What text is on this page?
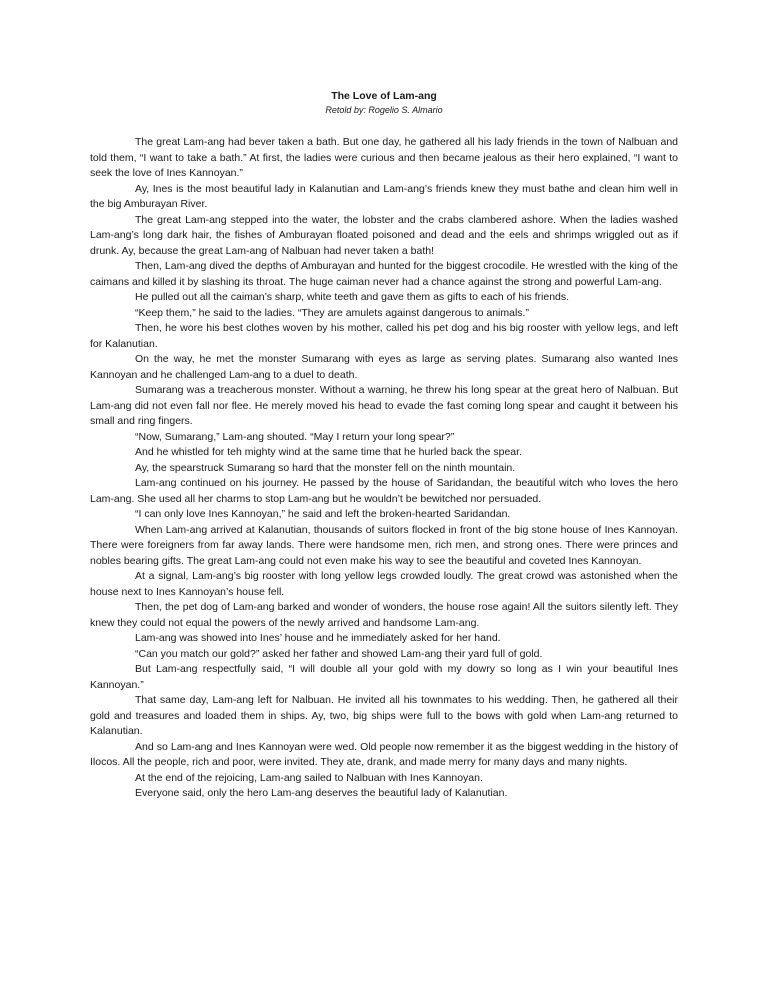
The Love of Lam-ang
Retold by: Rogelio S. Almario

The great Lam-ang had bever taken a bath. But one day, he gathered all his lady friends in the town of Nalbuan and told them, “I want to take a bath.” At first, the ladies were curious and then became jealous as their hero explained, “I want to seek the love of Ines Kannoyan.”

Ay, Ines is the most beautiful lady in Kalanutian and Lam-ang’s friends knew they must bathe and clean him well in the big Amburayan River.

The great Lam-ang stepped into the water, the lobster and the crabs clambered ashore. When the ladies washed Lam-ang’s long dark hair, the fishes of Amburayan floated poisoned and dead and the eels and shrimps wriggled out as if drunk. Ay, because the great Lam-ang of Nalbuan had never taken a bath!

Then, Lam-ang dived the depths of Amburayan and hunted for the biggest crocodile. He wrestled with the king of the caimans and killed it by slashing its throat. The huge caiman never had a chance against the strong and powerful Lam-ang.

He pulled out all the caiman’s sharp, white teeth and gave them as gifts to each of his friends.

“Keep them,” he said to the ladies. “They are amulets against dangerous to animals.”

Then, he wore his best clothes woven by his mother, called his pet dog and his big rooster with yellow legs, and left for Kalanutian.

On the way, he met the monster Sumarang with eyes as large as serving plates. Sumarang also wanted Ines Kannoyan and he challenged Lam-ang to a duel to death.

Sumarang was a treacherous monster. Without a warning, he threw his long spear at the great hero of Nalbuan. But Lam-ang did not even fall nor flee. He merely moved his head to evade the fast coming long spear and caught it between his small and ring fingers.

“Now, Sumarang,” Lam-ang shouted. “May I return your long spear?”

And he whistled for teh mighty wind at the same time that he hurled back the spear.

Ay, the spearstruck Sumarang so hard that the monster fell on the ninth mountain.

Lam-ang continued on his journey. He passed by the house of Saridandan, the beautiful witch who loves the hero Lam-ang. She used all her charms to stop Lam-ang but he wouldn’t be bewitched nor persuaded.

“I can only love Ines Kannoyan,” he said and left the broken-hearted Saridandan.

When Lam-ang arrived at Kalanutian, thousands of suitors flocked in front of the big stone house of Ines Kannoyan. There were foreigners from far away lands. There were handsome men, rich men, and strong ones. There were princes and nobles bearing gifts. The great Lam-ang could not even make his way to see the beautiful and coveted Ines Kannoyan.

At a signal, Lam-ang’s big rooster with long yellow legs crowded loudly. The great crowd was astonished when the house next to Ines Kannoyan’s house fell.

Then, the pet dog of Lam-ang barked and wonder of wonders, the house rose again! All the suitors silently left. They knew they could not equal the powers of the newly arrived and handsome Lam-ang.

Lam-ang was showed into Ines’ house and he immediately asked for her hand.

“Can you match our gold?” asked her father and showed Lam-ang their yard full of gold.

But Lam-ang respectfully said, “I will double all your gold with my dowry so long as I win your beautiful Ines Kannoyan.”

That same day, Lam-ang left for Nalbuan. He invited all his townmates to his wedding. Then, he gathered all their gold and treasures and loaded them in ships. Ay, two, big ships were full to the bows with gold when Lam-ang returned to Kalanutian.

And so Lam-ang and Ines Kannoyan were wed. Old people now remember it as the biggest wedding in the history of Ilocos. All the people, rich and poor, were invited. They ate, drank, and made merry for many days and many nights.

At the end of the rejoicing, Lam-ang sailed to Nalbuan with Ines Kannoyan.

Everyone said, only the hero Lam-ang deserves the beautiful lady of Kalanutian.
